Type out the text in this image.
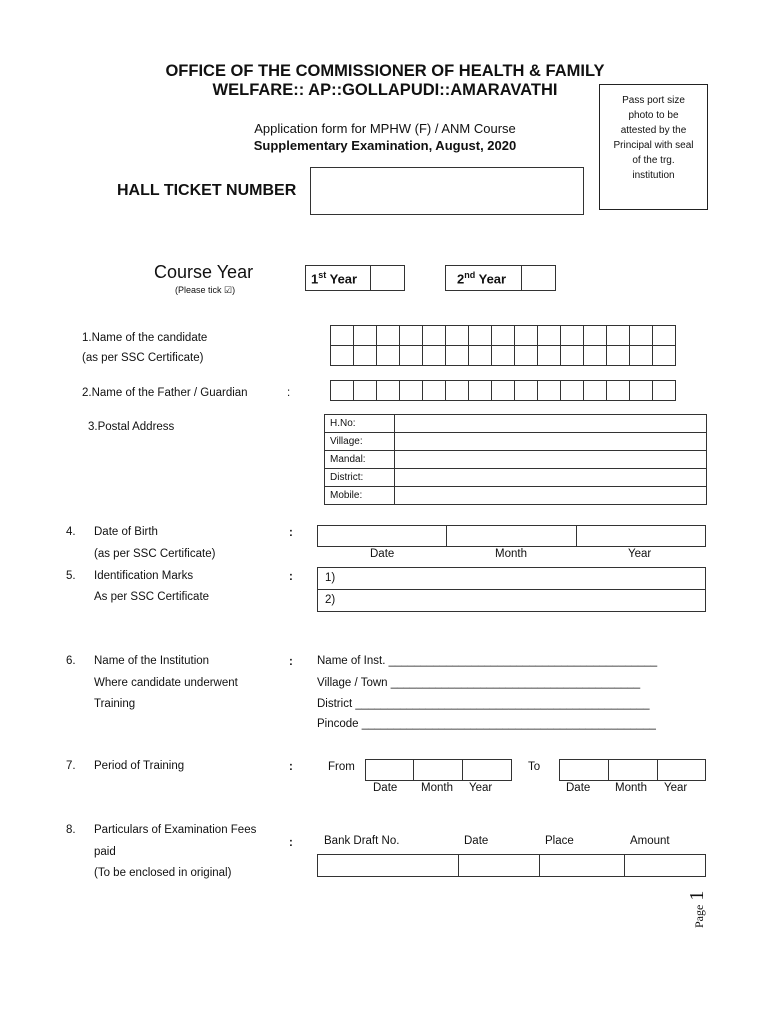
OFFICE OF THE COMMISSIONER OF HEALTH & FAMILY
WELFARE:: AP::GOLLAPUDI::AMARAVATHI
Application form for MPHW (F) / ANM Course
Supplementary Examination, August, 2020
Pass port size
photo to be
attested by the
Principal with seal
of the trg.
institution
HALL TICKET NUMBER
Course Year
(Please tick ☑)
1st Year	2nd Year
1.Name of the candidate
(as per SSC Certificate)

2.Name of the Father / Guardian	:

3.Postal Address	H.No:	
Village:	
Mandal:	
District:	
Mobile:	
4. Date of Birth
(as per SSC Certificate)
:
Date	Month	Year
5. Identification Marks
As per SSC Certificate
:	1)
2)
6. Name of the Institution
Where candidate underwent
Training
: Name of Inst. __________________________________________
Village / Town _______________________________________
District ______________________________________________
Pincode ______________________________________________
7. Period of Training	:	From
Date Month Year
To
Date Month Year
8. Particulars of Examination Fees
paid
(To be enclosed in original)
:	Bank Draft No.	Date	Place	Amount
Page 1
